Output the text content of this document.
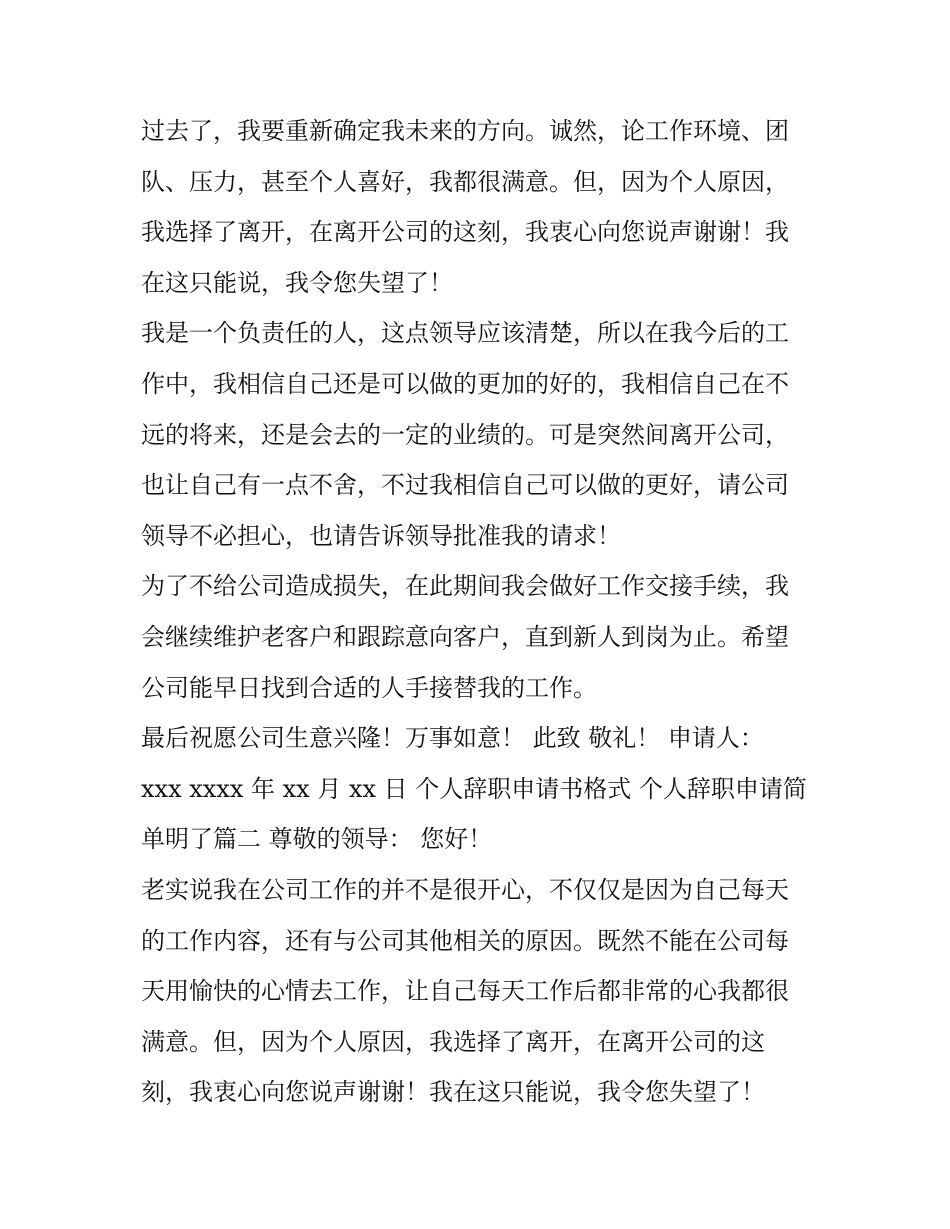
过去了，我要重新确定我未来的方向。诚然，论工作环境、团
队、压力，甚至个人喜好，我都很满意。但，因为个人原因，
我选择了离开，在离开公司的这刻，我衷心向您说声谢谢！我
在这只能说，我令您失望了！
我是一个负责任的人，这点领导应该清楚，所以在我今后的工
作中，我相信自己还是可以做的更加的好的，我相信自己在不
远的将来，还是会去的一定的业绩的。可是突然间离开公司，
也让自己有一点不舍，不过我相信自己可以做的更好，请公司
领导不必担心，也请告诉领导批准我的请求！
为了不给公司造成损失，在此期间我会做好工作交接手续，我
会继续维护老客户和跟踪意向客户，直到新人到岗为止。希望
公司能早日找到合适的人手接替我的工作。
最后祝愿公司生意兴隆！万事如意！ 此致 敬礼！ 申请人：
xxx xxxx 年 xx 月 xx 日 个人辞职申请书格式 个人辞职申请简
单明了篇二 尊敬的领导： 您好！
老实说我在公司工作的并不是很开心，不仅仅是因为自己每天
的工作内容，还有与公司其他相关的原因。既然不能在公司每
天用愉快的心情去工作，让自己每天工作后都非常的心我都很
满意。但，因为个人原因，我选择了离开，在离开公司的这
刻，我衷心向您说声谢谢！我在这只能说，我令您失望了！
